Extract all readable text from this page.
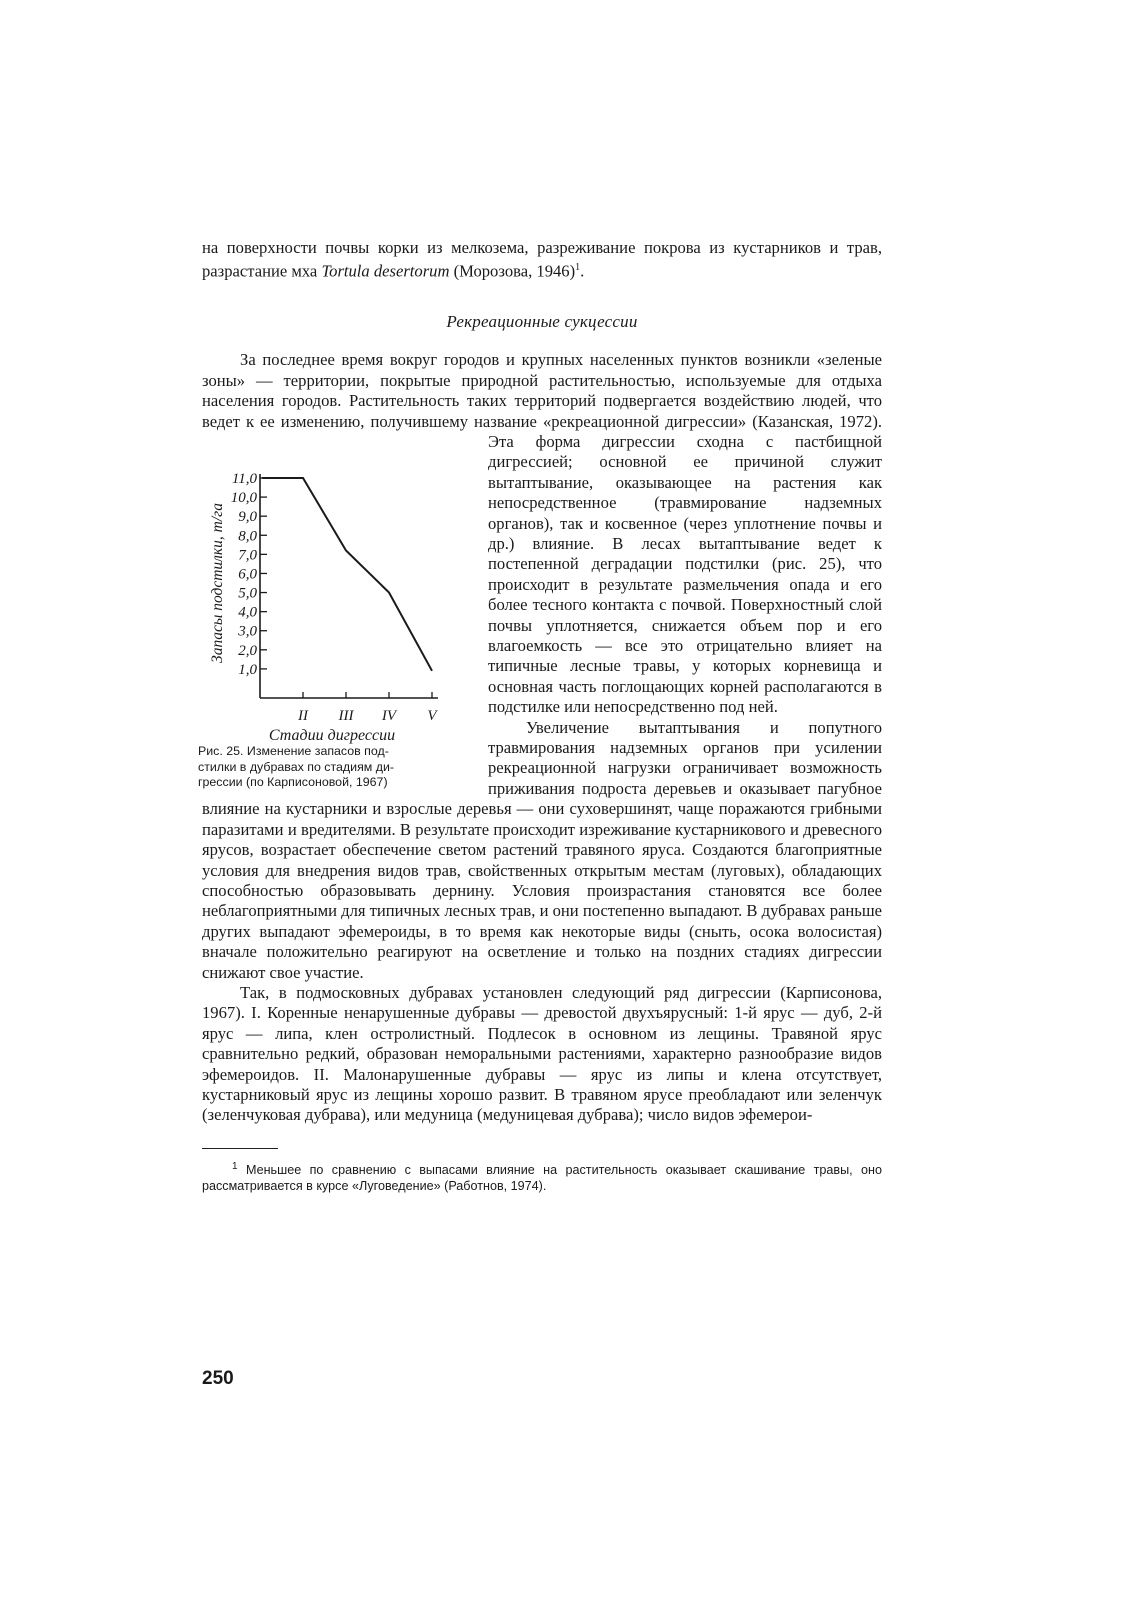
на поверхности почвы корки из мелкозема, разреживание покрова из кустарников и трав, разрастание мха Tortula desertorum (Морозова, 1946)$^1$.

Рекреационные сукцессии

За последнее время вокруг городов и крупных населенных пунктов возникли «зеленые зоны» — территории, покрытые природной растительностью, используемые для отдыха населения городов. Растительность таких территорий подвергается воздействию людей, что ведет к ее изменению, получившему название «рекреационной дигрес
сии» (Казанская, 1972). Эта форма дигрессии сходна с пастбищной дигрессией; основной ее причиной служит вытаптывание, оказывающее на растения как непосредственное (травмирование надземных органов), так и косвенное (через уплотнение почвы и др.) влияние. В лесах вытаптывание ведет к постепенной деградации подстилки (рис. 25), что происходит в результате размельчения опада и его более тесного контакта с почвой. Поверхностный слой почвы уплотняется, снижается объем пор и его влагоемкость — все это отрицательно влияет на типичные лесные травы, у которых корневища и основная часть поглощающих корней располагаются в подстилке или непосредственно под ней.

Увеличение вытаптывания и попутного травмирования надземных органов при усилении рекреационной нагрузки ограничивает возможность приживания подроста деревьев и оказывает пагубное влияние на кустарники и взрослые деревья — они суховершинят, чаще поражаются грибными паразитами и вредителями. В результате происходит изреживание кустарникового и древесного ярусов, возрастает обеспечение светом растений травяного яруса. Создаются благоприятные условия для внедрения видов трав, свойственных открытым местам (луговых), обладающих способностью образовывать дернину. Условия произрастания становятся все более неблагоприятными для типичных лесных трав, и они постепенно выпадают. В дубравах раньше других выпадают эфемероиды, в то время как некоторые виды (сныть, осока волосистая) вначале положительно реагируют на осветление и только на поздних стадиях дигрессии снижают свое участие.

Так, в подмосковных дубравах установлен следующий ряд дигрессии (Карписонова, 1967). I. Коренные ненарушенные дубравы — древостой двухъярусный: 1-й ярус — дуб, 2-й ярус — липа, клен остролистный. Подлесок в основном из лещины. Травяной ярус сравнительно редкий, образован неморальными растениями, характерно разнообразие видов эфемероидов. II. Малонарушенные дубравы — ярус из липы и клена отсутствует, кустарниковый ярус из лещины хорошо развит. В травяном ярусе преобладают или зеленчук (зеленчуковая дубрава), или медуница (медуницевая дубрава); число видов эфемерои-

$^1$ Меньшее по сравнению с выпасами влияние на растительность оказывает скашивание травы, оно рассматривается в курсе «Луговедение» (Работнов, 1974).

11,0
10,0
9,0
8,0
7,0
6,0
5,0
4,0
3,0
2,0
1,0
II III IV V
Стадии дигрессии
Запасы подстилки, т/га
Рис. 25. Изменение запасов под-
стилки в дубравах по стадиям ди-
грессии (по Карписоновой, 1967)
250
